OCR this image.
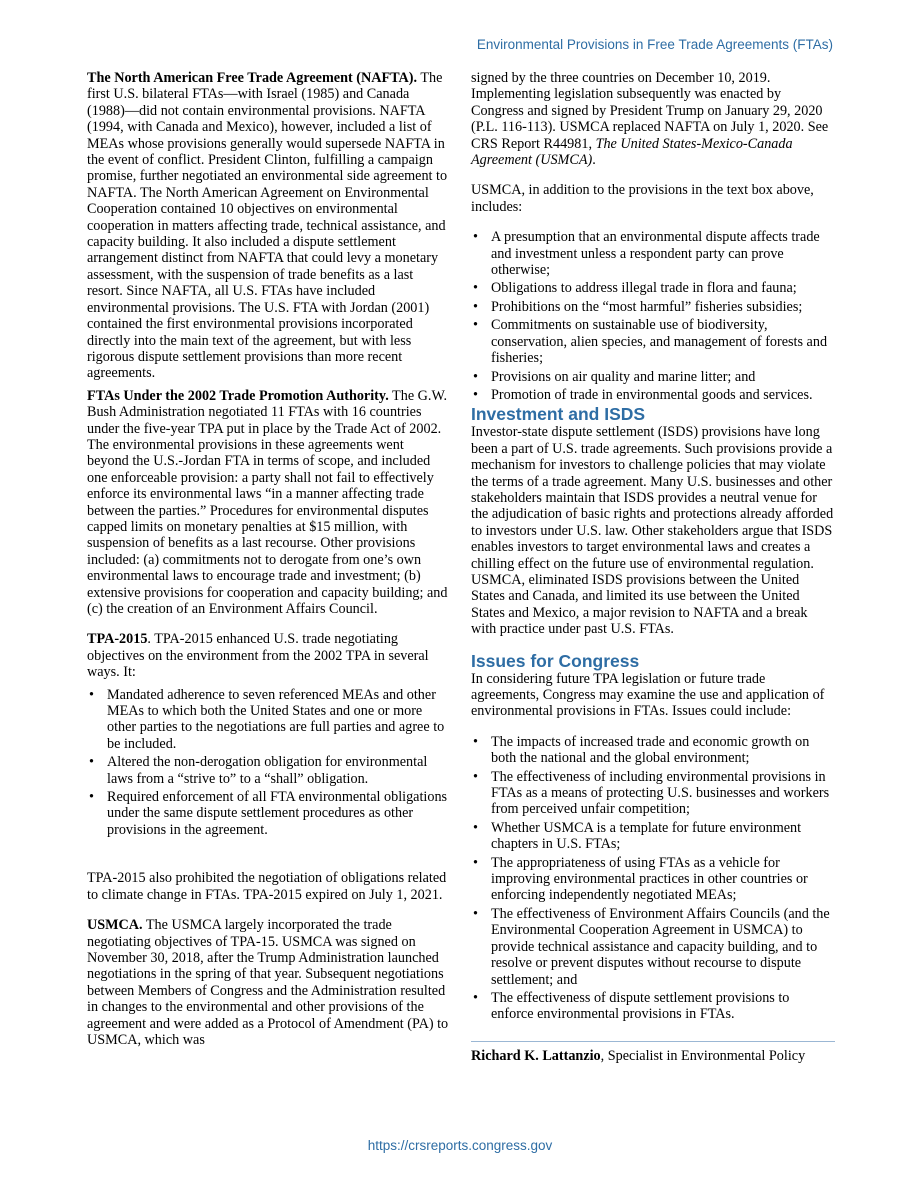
Environmental Provisions in Free Trade Agreements (FTAs)

The North American Free Trade Agreement (NAFTA). The first U.S. bilateral FTAs—with Israel (1985) and Canada (1988)—did not contain environmental provisions. NAFTA (1994, with Canada and Mexico), however, included a list of MEAs whose provisions generally would supersede NAFTA in the event of conflict. President Clinton, fulfilling a campaign promise, further negotiated an environmental side agreement to NAFTA. The North American Agreement on Environmental Cooperation contained 10 objectives on environmental cooperation in matters affecting trade, technical assistance, and capacity building. It also included a dispute settlement arrangement distinct from NAFTA that could levy a monetary assessment, with the suspension of trade benefits as a last resort. Since NAFTA, all U.S. FTAs have included environmental provisions. The U.S. FTA with Jordan (2001) contained the first environmental provisions incorporated directly into the main text of the agreement, but with less rigorous dispute settlement provisions than more recent agreements.

FTAs Under the 2002 Trade Promotion Authority. The G.W. Bush Administration negotiated 11 FTAs with 16 countries under the five-year TPA put in place by the Trade Act of 2002. The environmental provisions in these agreements went beyond the U.S.-Jordan FTA in terms of scope, and included one enforceable provision: a party shall not fail to effectively enforce its environmental laws “in a manner affecting trade between the parties.” Procedures for environmental disputes capped limits on monetary penalties at $15 million, with suspension of benefits as a last recourse. Other provisions included: (a) commitments not to derogate from one’s own environmental laws to encourage trade and investment; (b) extensive provisions for cooperation and capacity building; and (c) the creation of an Environment Affairs Council.

TPA-2015. TPA-2015 enhanced U.S. trade negotiating objectives on the environment from the 2002 TPA in several ways. It:

• Mandated adherence to seven referenced MEAs and other MEAs to which both the United States and one or more other parties to the negotiations are full parties and agree to be included.
• Altered the non-derogation obligation for environmental laws from a “strive to” to a “shall” obligation.
• Required enforcement of all FTA environmental obligations under the same dispute settlement procedures as other provisions in the agreement.

TPA-2015 also prohibited the negotiation of obligations related to climate change in FTAs. TPA-2015 expired on July 1, 2021.

USMCA. The USMCA largely incorporated the trade negotiating objectives of TPA-15. USMCA was signed on November 30, 2018, after the Trump Administration launched negotiations in the spring of that year. Subsequent negotiations between Members of Congress and the Administration resulted in changes to the environmental and other provisions of the agreement and were added as a Protocol of Amendment (PA) to USMCA, which was

signed by the three countries on December 10, 2019. Implementing legislation subsequently was enacted by Congress and signed by President Trump on January 29, 2020 (P.L. 116-113). USMCA replaced NAFTA on July 1, 2020. See CRS Report R44981, The United States-Mexico-Canada Agreement (USMCA).

USMCA, in addition to the provisions in the text box above, includes:

• A presumption that an environmental dispute affects trade and investment unless a respondent party can prove otherwise;
• Obligations to address illegal trade in flora and fauna;
• Prohibitions on the “most harmful” fisheries subsidies;
• Commitments on sustainable use of biodiversity, conservation, alien species, and management of forests and fisheries;
• Provisions on air quality and marine litter; and
• Promotion of trade in environmental goods and services.
Investment and ISDS

Investor-state dispute settlement (ISDS) provisions have long been a part of U.S. trade agreements. Such provisions provide a mechanism for investors to challenge policies that may violate the terms of a trade agreement. Many U.S. businesses and other stakeholders maintain that ISDS provides a neutral venue for the adjudication of basic rights and protections already afforded to investors under U.S. law. Other stakeholders argue that ISDS enables investors to target environmental laws and creates a chilling effect on the future use of environmental regulation. USMCA, eliminated ISDS provisions between the United States and Canada, and limited its use between the United States and Mexico, a major revision to NAFTA and a break with practice under past U.S. FTAs.

Issues for Congress

In considering future TPA legislation or future trade agreements, Congress may examine the use and application of environmental provisions in FTAs. Issues could include:

• The impacts of increased trade and economic growth on both the national and the global environment;
• The effectiveness of including environmental provisions in FTAs as a means of protecting U.S. businesses and workers from perceived unfair competition;
• Whether USMCA is a template for future environment chapters in U.S. FTAs;
• The appropriateness of using FTAs as a vehicle for improving environmental practices in other countries or enforcing independently negotiated MEAs;
• The effectiveness of Environment Affairs Councils (and the Environmental Cooperation Agreement in USMCA) to provide technical assistance and capacity building, and to resolve or prevent disputes without recourse to dispute settlement; and
• The effectiveness of dispute settlement provisions to enforce environmental provisions in FTAs.

Richard K. Lattanzio, Specialist in Environmental Policy

https://crsreports.congress.gov
